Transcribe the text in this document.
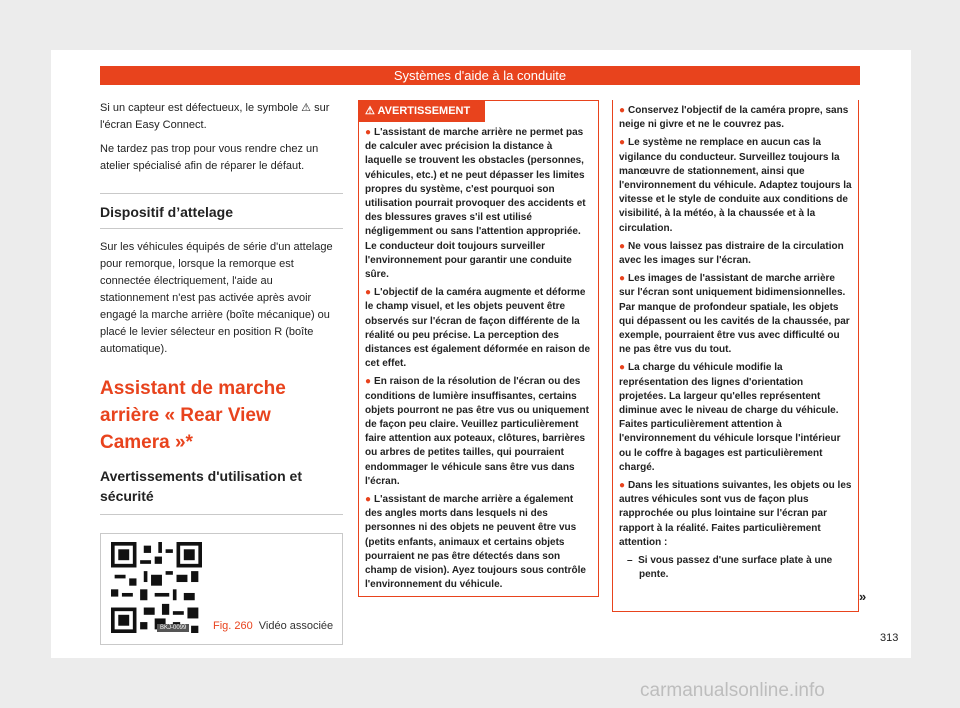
Systèmes d'aide à la conduite

Si un capteur est défectueux, le symbole ⚠ sur l'écran Easy Connect.

Ne tardez pas trop pour vous rendre chez un atelier spécialisé afin de réparer le défaut.

Dispositif d’attelage

Sur les véhicules équipés de série d'un attelage pour remorque, lorsque la remorque est connectée électriquement, l'aide au stationnement n'est pas activée après avoir engagé la marche arrière (boîte mécanique) ou placé le levier sélecteur en position R (boîte automatique).

Assistant de marche arrière « Rear View Camera »*
Avertissements d'utilisation et sécurité
BKJ-0099 Fig. 260 Vidéo associée
⚠ AVERTISSEMENT
● L'assistant de marche arrière ne permet pas de calculer avec précision la distance à laquelle se trouvent les obstacles (personnes, véhicules, etc.) et ne peut dépasser les limites propres du système, c'est pourquoi son utilisation pourrait provoquer des accidents et des blessures graves s'il est utilisé négligemment ou sans l'attention appropriée. Le conducteur doit toujours surveiller l'environnement pour garantir une conduite sûre.
● L'objectif de la caméra augmente et déforme le champ visuel, et les objets peuvent être observés sur l'écran de façon différente de la réalité ou peu précise. La perception des distances est également déformée en raison de cet effet.
● En raison de la résolution de l'écran ou des conditions de lumière insuffisantes, certains objets pourront ne pas être vus ou uniquement de façon peu claire. Veuillez particulièrement faire attention aux poteaux, clôtures, barrières ou arbres de petites tailles, qui pourraient endommager le véhicule sans être vus dans l'écran.
● L'assistant de marche arrière a également des angles morts dans lesquels ni des personnes ni des objets ne peuvent être vus (petits enfants, animaux et certains objets pourraient ne pas être détectés dans son champ de vision). Ayez toujours sous contrôle l'environnement du véhicule.
● Conservez l'objectif de la caméra propre, sans neige ni givre et ne le couvrez pas.
● Le système ne remplace en aucun cas la vigilance du conducteur. Surveillez toujours la manœuvre de stationnement, ainsi que l'environnement du véhicule. Adaptez toujours la vitesse et le style de conduite aux conditions de visibilité, à la météo, à la chaussée et à la circulation.
● Ne vous laissez pas distraire de la circulation avec les images sur l'écran.
● Les images de l'assistant de marche arrière sur l'écran sont uniquement bidimensionnelles. Par manque de profondeur spatiale, les objets qui dépassent ou les cavités de la chaussée, par exemple, pourraient être vus avec difficulté ou ne pas être vus du tout.
● La charge du véhicule modifie la représentation des lignes d'orientation projetées. La largeur qu'elles représentent diminue avec le niveau de charge du véhicule. Faites particulièrement attention à l'environnement du véhicule lorsque l'intérieur ou le coffre à bagages est particulièrement chargé.
● Dans les situations suivantes, les objets ou les autres véhicules sont vus de façon plus rapprochée ou plus lointaine sur l'écran par rapport à la réalité. Faites particulièrement attention :
–  Si vous passez d'une surface plate à une pente.
»
313
carmanualsonline.info
